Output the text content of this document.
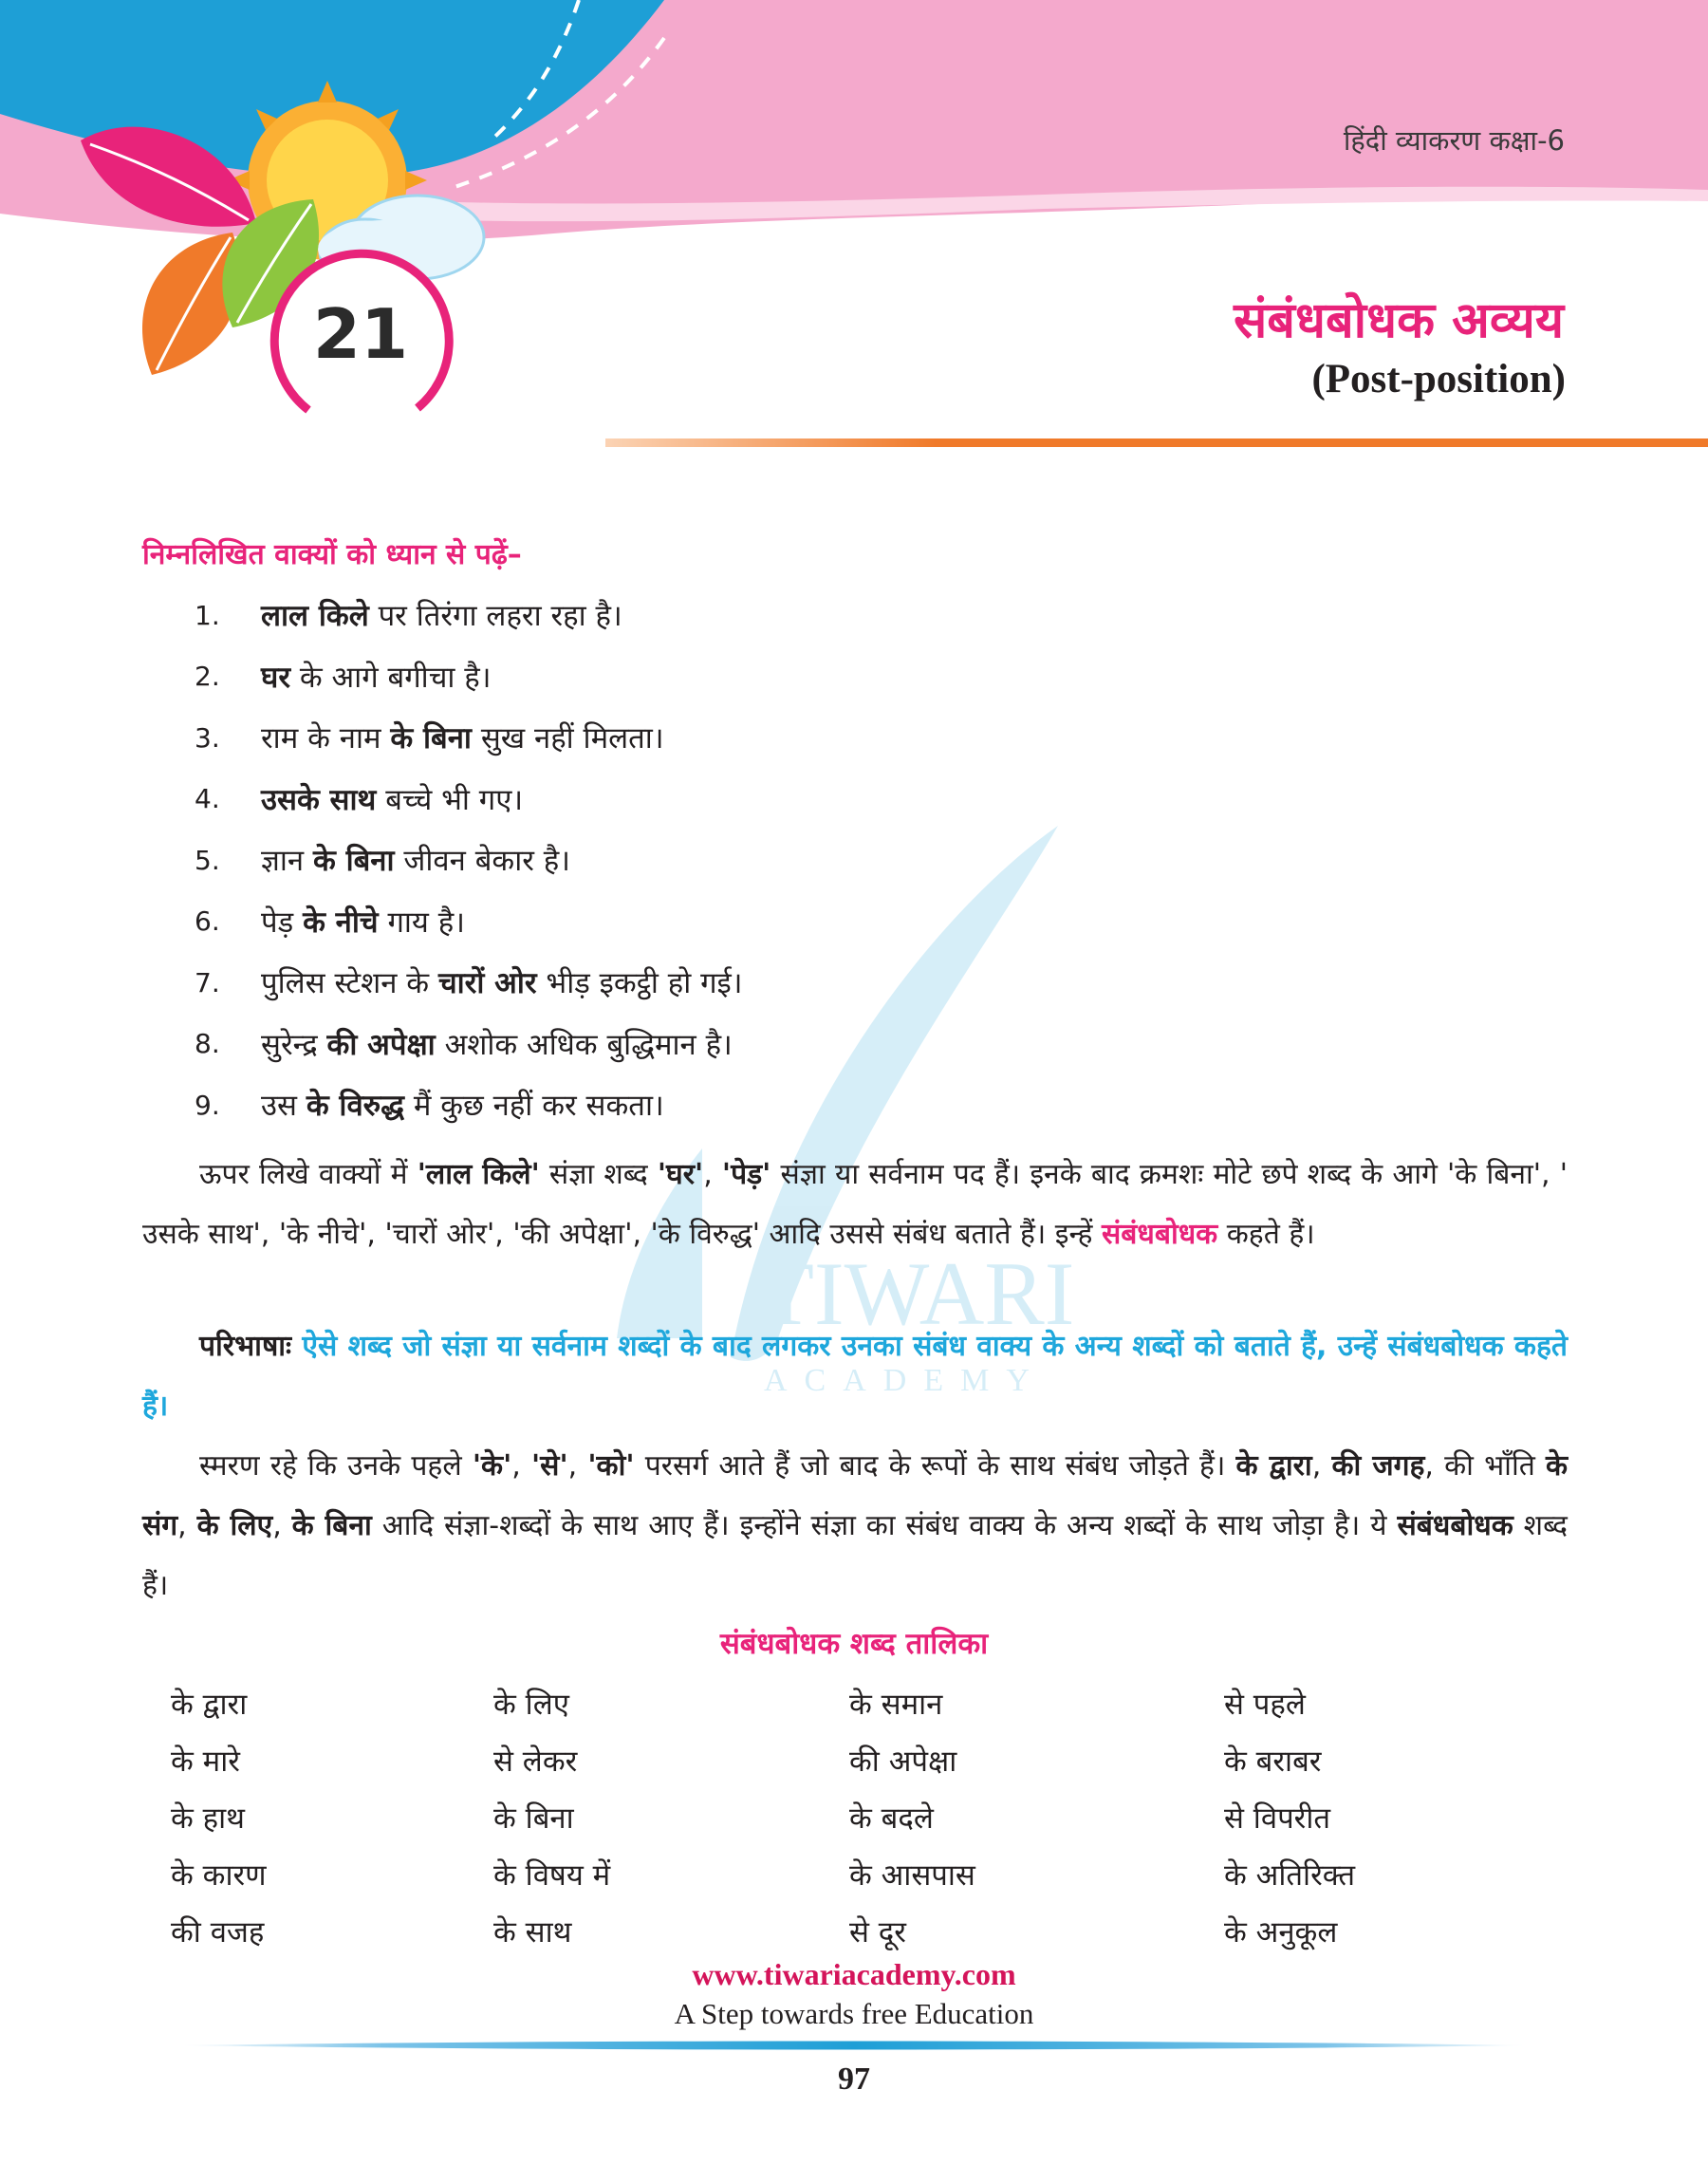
TIWARI
ACADEMY
हिंदी व्याकरण कक्षा-6
21	संबंधबोधक अव्यय
(Post-position)
निम्नलिखित वाक्यों को ध्यान से पढ़ें–
1.	लाल किले पर तिरंगा लहरा रहा है।
2.	घर के आगे बगीचा है।
3.	राम के नाम के बिना सुख नहीं मिलता।
4.	उसके साथ बच्चे भी गए।
5.	ज्ञान के बिना जीवन बेकार है।
6.	पेड़ के नीचे गाय है।
7.	पुलिस स्टेशन के चारों ओर भीड़ इकट्ठी हो गई।
8.	सुरेन्द्र की अपेक्षा अशोक अधिक बुद्धिमान है।
9.	उस के विरुद्ध मैं कुछ नहीं कर सकता।
ऊपर लिखे वाक्यों में 'लाल किले' संज्ञा शब्द 'घर', 'पेड़' संज्ञा या सर्वनाम पद हैं। इनके बाद क्रमशः मोटे छपे शब्द के आगे 'के बिना', ' उसके साथ', 'के नीचे', 'चारों ओर', 'की अपेक्षा', 'के विरुद्ध' आदि उससे संबंध बताते हैं। इन्हें संबंधबोधक कहते हैं।
परिभाषाः ऐसे शब्द जो संज्ञा या सर्वनाम शब्दों के बाद लगकर उनका संबंध वाक्य के अन्य शब्दों को बताते हैं, उन्हें संबंधबोधक कहते हैं।
स्मरण रहे कि उनके पहले 'के', 'से', 'को' परसर्ग आते हैं जो बाद के रूपों के साथ संबंध जोड़ते हैं। के द्वारा, की जगह, की भाँति के संग, के लिए, के बिना आदि संज्ञा-शब्दों के साथ आए हैं। इन्होंने संज्ञा का संबंध वाक्य के अन्य शब्दों के साथ जोड़ा है। ये संबंधबोधक शब्द हैं।
संबंधबोधक शब्द तालिका
के द्वारा	के लिए	के समान	से पहले
के मारे	से लेकर	की अपेक्षा	के बराबर
के हाथ	के बिना	के बदले	से विपरीत
के कारण	के विषय में	के आसपास	के अतिरिक्त
की वजह	के साथ	से दूर	के अनुकूल
www.tiwariacademy.com
A Step towards free Education
97
